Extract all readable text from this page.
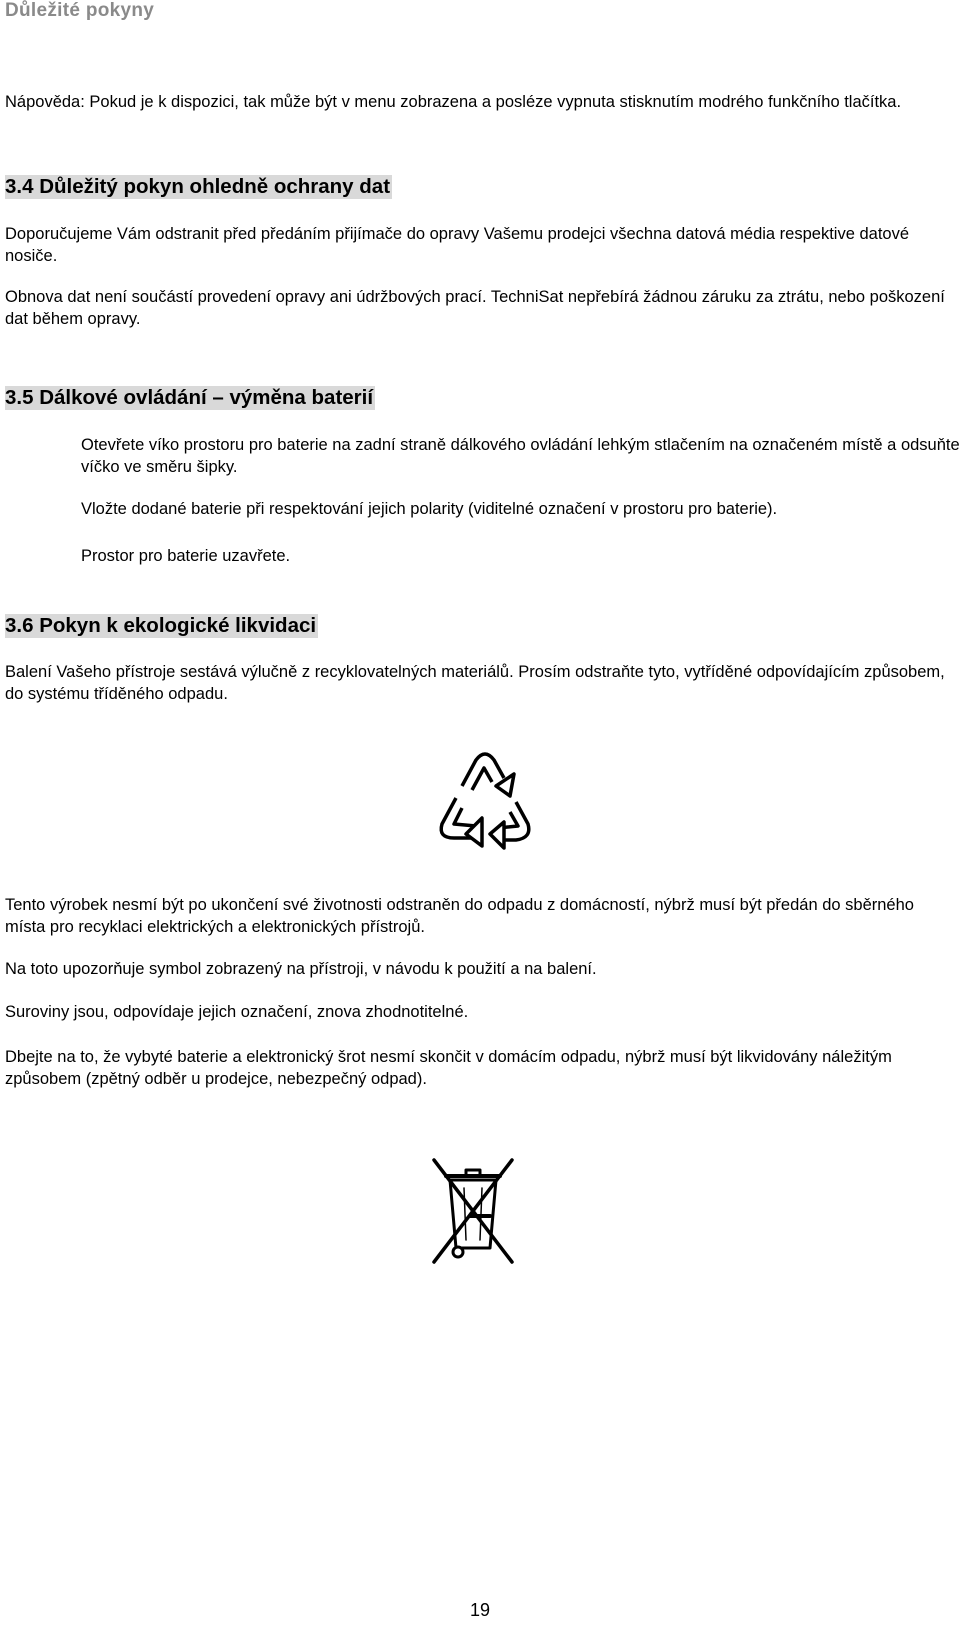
Důležité pokyny

Nápověda: Pokud je k dispozici, tak může být v menu zobrazena a posléze vypnuta stisknutím modrého funkčního tlačítka.

3.4 Důležitý pokyn ohledně ochrany dat

Doporučujeme Vám odstranit před předáním přijímače do opravy Vašemu prodejci všechna datová média respektive datové nosiče.

Obnova dat není součástí provedení opravy ani údržbových prací. TechniSat nepřebírá žádnou záruku za ztrátu, nebo poškození dat během opravy.

3.5 Dálkové ovládání – výměna baterií

Otevřete víko prostoru pro baterie na zadní straně dálkového ovládání lehkým stlačením na označeném místě a odsuňte víčko ve směru šipky.

Vložte dodané baterie při respektování jejich polarity (viditelné označení v prostoru pro baterie).

Prostor pro baterie uzavřete.

3.6 Pokyn k ekologické likvidaci

Balení Vašeho přístroje sestává výlučně z recyklovatelných materiálů. Prosím odstraňte tyto, vytříděné odpovídajícím způsobem, do systému tříděného odpadu.

Tento výrobek nesmí být po ukončení své životnosti odstraněn do odpadu z domácností, nýbrž musí být předán do sběrného místa pro recyklaci elektrických a elektronických přístrojů.

Na toto upozorňuje symbol zobrazený na přístroji, v návodu k použití a na balení.

Suroviny jsou, odpovídaje jejich označení, znova zhodnotitelné.

Dbejte na to, že vybyté baterie a elektronický šrot nesmí skončit v domácím odpadu, nýbrž musí být likvidovány náležitým způsobem (zpětný odběr u prodejce, nebezpečný odpad).

19
